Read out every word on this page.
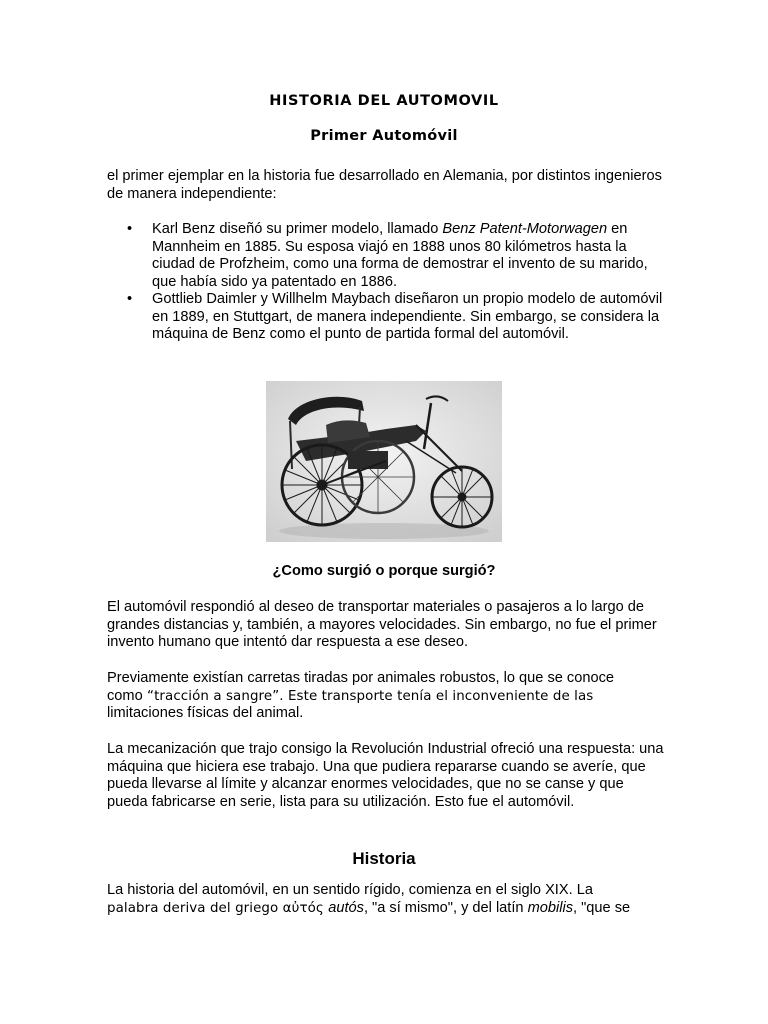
HISTORIA DEL AUTOMOVIL
Primer Automóvil

el primer ejemplar en la historia fue desarrollado en Alemania, por distintos ingenieros de manera independiente:

• Karl Benz diseñó su primer modelo, llamado Benz Patent-Motorwagen en Mannheim en 1885. Su esposa viajó en 1888 unos 80 kilómetros hasta la ciudad de Profzheim, como una forma de demostrar el invento de su marido, que había sido ya patentado en 1886.
• Gottlieb Daimler y Willhelm Maybach diseñaron un propio modelo de automóvil en 1889, en Stuttgart, de manera independiente. Sin embargo, se considera la máquina de Benz como el punto de partida formal del automóvil.
¿Como surgió o porque surgió?

El automóvil respondió al deseo de transportar materiales o pasajeros a lo largo de grandes distancias y, también, a mayores velocidades. Sin embargo, no fue el primer invento humano que intentó dar respuesta a ese deseo.

Previamente existían carretas tiradas por animales robustos, lo que se conoce
como “tracción a sangre”. Este transporte tenía el inconveniente de las
limitaciones físicas del animal.

La mecanización que trajo consigo la Revolución Industrial ofreció una respuesta: una máquina que hiciera ese trabajo. Una que pudiera repararse cuando se averíe, que pueda llevarse al límite y alcanzar enormes velocidades, que no se canse y que pueda fabricarse en serie, lista para su utilización. Esto fue el automóvil.

Historia
La historia del automóvil, en un sentido rígido, comienza en el siglo XIX. La
palabra deriva del griego αὐτός autós, "a sí mismo", y del latín mobilis, "que se
